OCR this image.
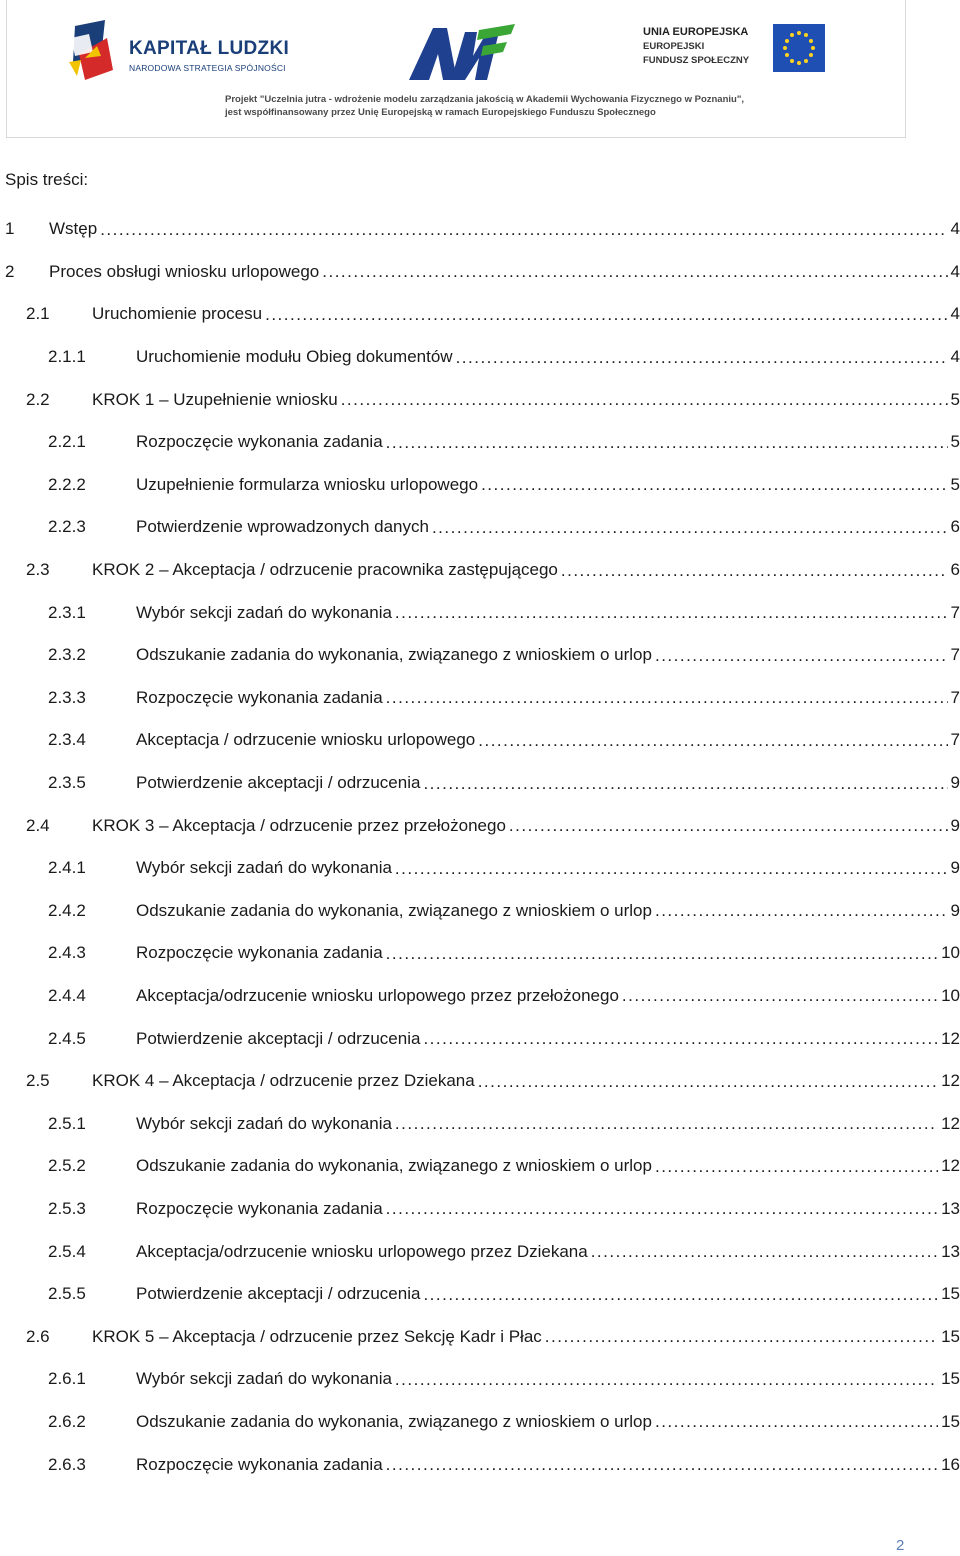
KAPITAŁ LUDZKI
NARODOWA STRATEGIA SPÓJNOŚCI
UNIA EUROPEJSKA
EUROPEJSKI
FUNDUSZ SPOŁECZNY
Projekt "Uczelnia jutra - wdrożenie modelu zarządzania jakością w Akademii Wychowania Fizycznego w Poznaniu",
jest współfinansowany przez Unię Europejską w ramach Europejskiego Funduszu Społecznego
Spis treści:
1	Wstęp .....	4
2	Proces obsługi wniosku urlopowego .....	4
2.1	Uruchomienie procesu .....	4
2.1.1	Uruchomienie modułu Obieg dokumentów .....	4
2.2	KROK 1 – Uzupełnienie wniosku .....	5
2.2.1	Rozpoczęcie wykonania zadania .....	5
2.2.2	Uzupełnienie formularza wniosku urlopowego .....	5
2.2.3	Potwierdzenie wprowadzonych danych .....	6
2.3	KROK 2 – Akceptacja / odrzucenie pracownika zastępującego .....	6
2.3.1	Wybór sekcji zadań do wykonania .....	7
2.3.2	Odszukanie zadania do wykonania, związanego z wnioskiem o urlop .....	7
2.3.3	Rozpoczęcie wykonania zadania .....	7
2.3.4	Akceptacja / odrzucenie wniosku urlopowego .....	7
2.3.5	Potwierdzenie akceptacji / odrzucenia .....	9
2.4	KROK 3 – Akceptacja / odrzucenie przez przełożonego .....	9
2.4.1	Wybór sekcji zadań do wykonania .....	9
2.4.2	Odszukanie zadania do wykonania, związanego z wnioskiem o urlop .....	9
2.4.3	Rozpoczęcie wykonania zadania .....	10
2.4.4	Akceptacja/odrzucenie wniosku urlopowego przez przełożonego .....	10
2.4.5	Potwierdzenie akceptacji / odrzucenia .....	12
2.5	KROK 4 – Akceptacja / odrzucenie przez Dziekana .....	12
2.5.1	Wybór sekcji zadań do wykonania .....	12
2.5.2	Odszukanie zadania do wykonania, związanego z wnioskiem o urlop .....	12
2.5.3	Rozpoczęcie wykonania zadania .....	13
2.5.4	Akceptacja/odrzucenie wniosku urlopowego przez Dziekana .....	13
2.5.5	Potwierdzenie akceptacji / odrzucenia .....	15
2.6	KROK 5 – Akceptacja / odrzucenie przez Sekcję Kadr i Płac .....	15
2.6.1	Wybór sekcji zadań do wykonania .....	15
2.6.2	Odszukanie zadania do wykonania, związanego z wnioskiem o urlop .....	15
2.6.3	Rozpoczęcie wykonania zadania .....	16
2
